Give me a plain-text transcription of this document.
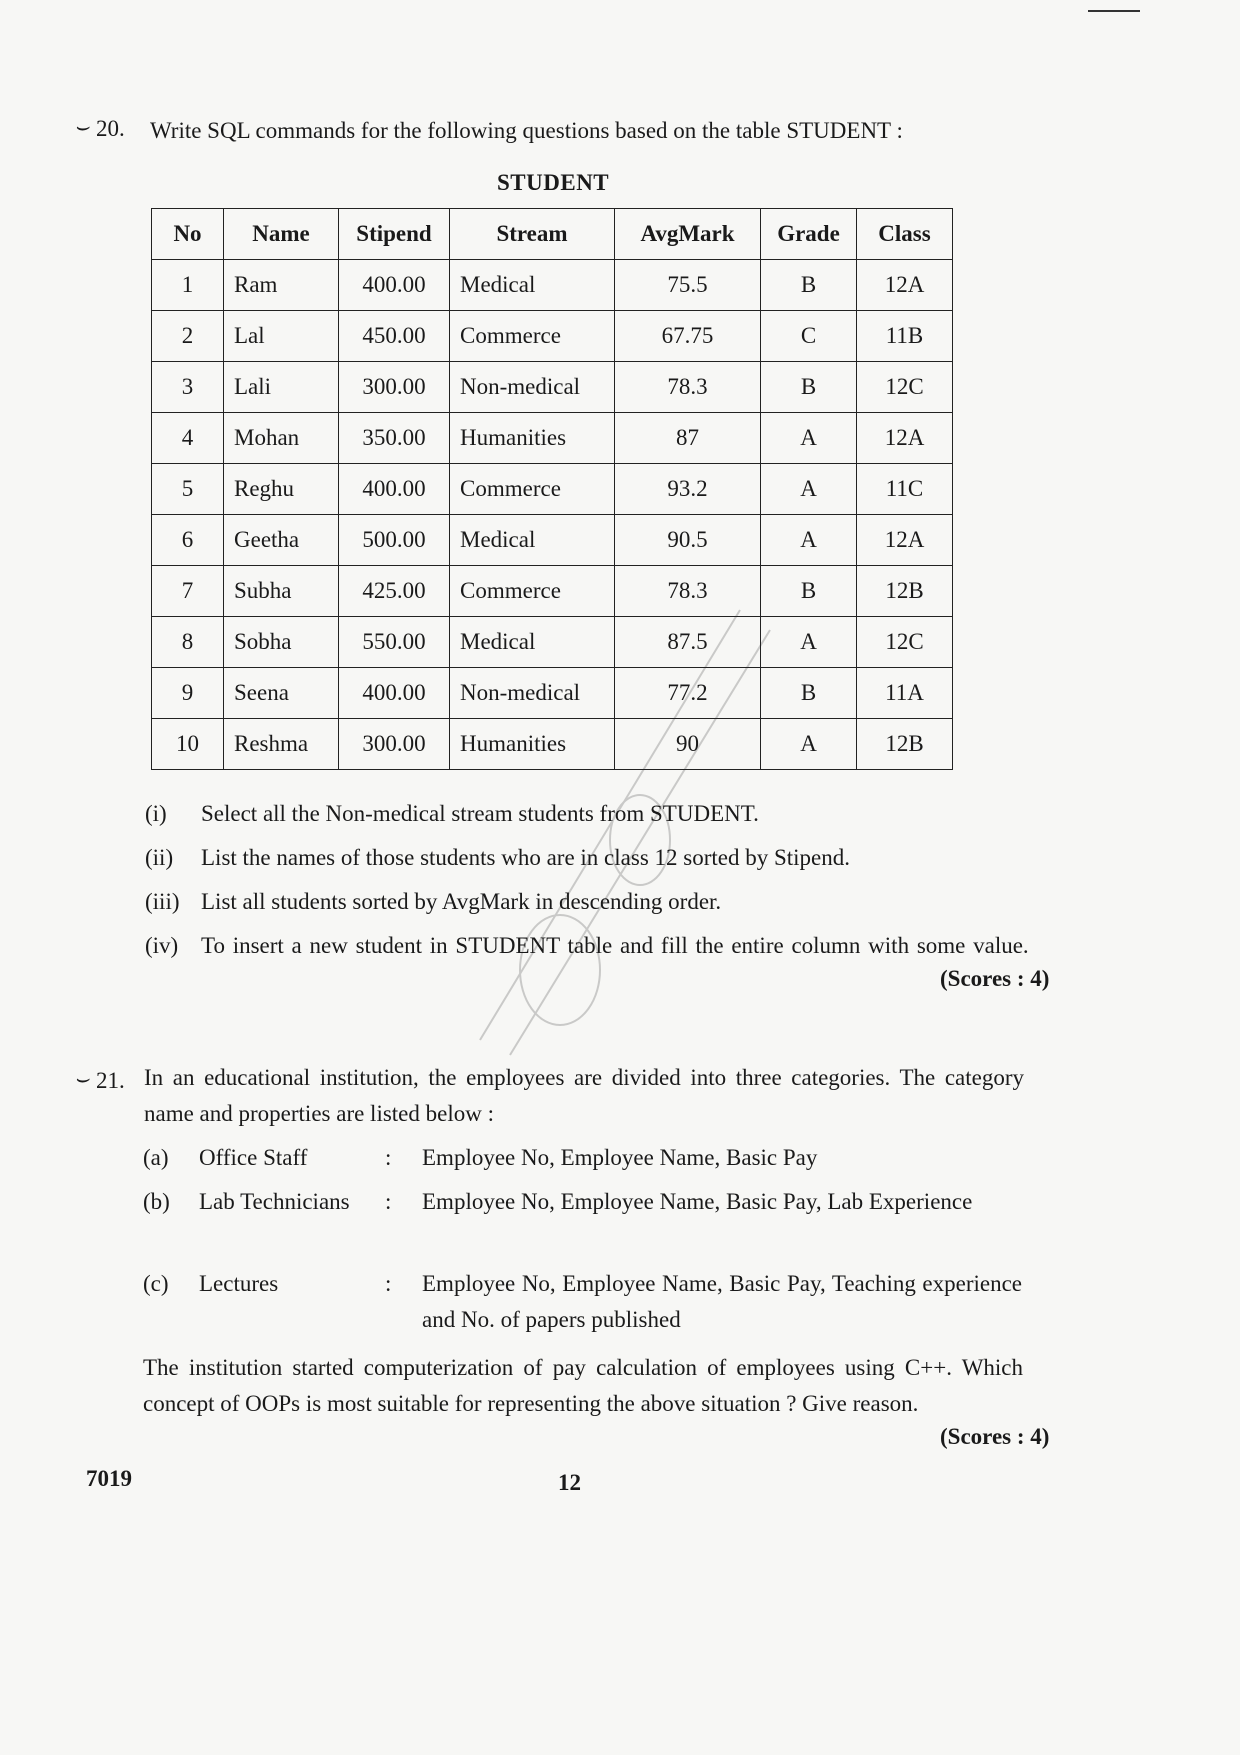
⌣ 20. Write SQL commands for the following questions based on the table STUDENT :
STUDENT
No	Name	Stipend	Stream	AvgMark	Grade	Class
1	Ram	400.00	Medical	75.5	B	12A
2	Lal	450.00	Commerce	67.75	C	11B
3	Lali	300.00	Non-medical	78.3	B	12C
4	Mohan	350.00	Humanities	87	A	12A
5	Reghu	400.00	Commerce	93.2	A	11C
6	Geetha	500.00	Medical	90.5	A	12A
7	Subha	425.00	Commerce	78.3	B	12B
8	Sobha	550.00	Medical	87.5	A	12C
9	Seena	400.00	Non-medical	77.2	B	11A
10	Reshma	300.00	Humanities	90	A	12B
(i) Select all the Non-medical stream students from STUDENT.
(ii) List the names of those students who are in class 12 sorted by Stipend.
(iii) List all students sorted by AvgMark in descending order.
(iv) To insert a new student in STUDENT table and fill the entire column with some value.
(Scores : 4)
⌣ 21. In an educational institution, the employees are divided into three categories. The category name and properties are listed below :
(a) Office Staff	: Employee No, Employee Name, Basic Pay
(b) Lab Technicians : Employee No, Employee Name, Basic Pay, Lab Experience
(c) Lectures	: Employee No, Employee Name, Basic Pay, Teaching experience and No. of papers published
The institution started computerization of pay calculation of employees using C++. Which concept of OOPs is most suitable for representing the above situation ? Give reason.
(Scores : 4)
7019	12
